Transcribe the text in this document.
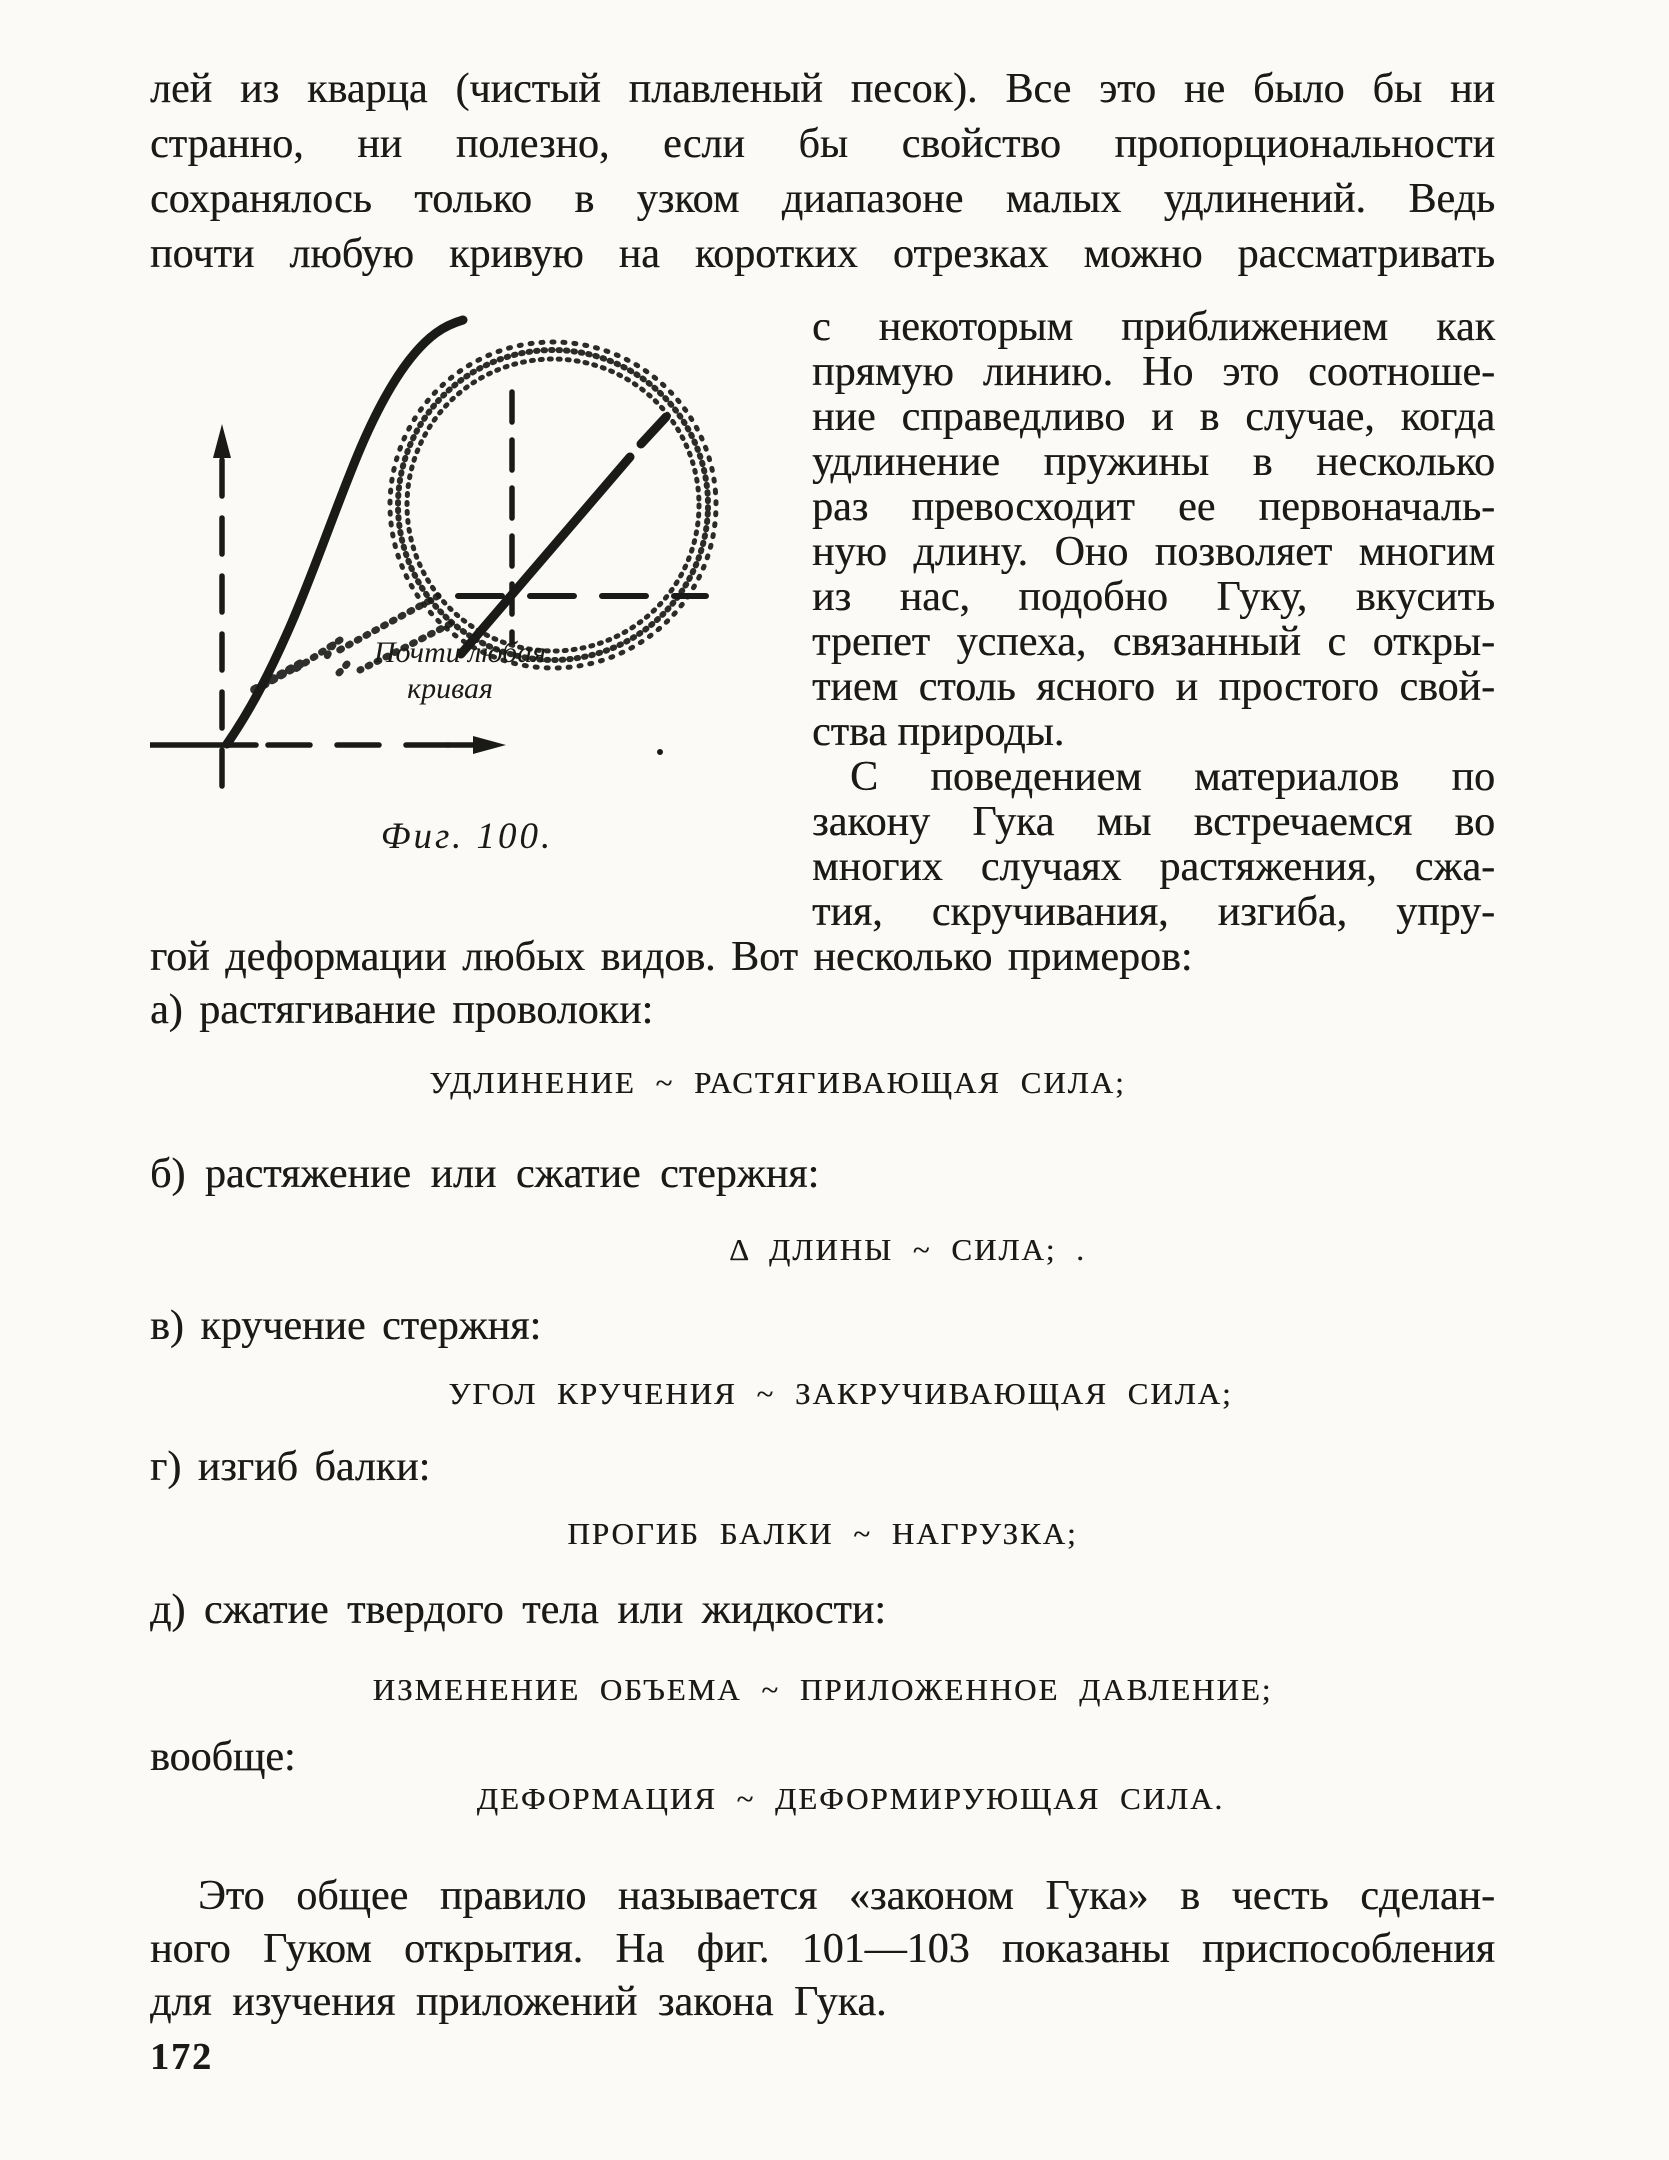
лей из кварца (чистый плавленый песок). Все это не было бы ни
странно, ни полезно, если бы свойство пропорциональности
сохранялось только в узком диапазоне малых удлинений. Ведь
почти любую кривую на коротких отрезках можно рассматривать
с некоторым приближением как
прямую линию. Но это соотноше-
ние справедливо и в случае, когда
удлинение пружины в несколько
раз превосходит ее первоначаль-
ную длину. Оно позволяет многим
из нас, подобно Гуку, вкусить
трепет успеха, связанный с откры-
тием столь ясного и простого свой-
ства природы.
С поведением материалов по
закону Гука мы встречаемся во
многих случаях растяжения, сжа-
тия, скручивания, изгиба, упру-
Почти любая
кривая
Фиг. 100.
гой деформации любых видов. Вот несколько примеров:
а) растягивание проволоки:
УДЛИНЕНИЕ ~ РАСТЯГИВАЮЩАЯ СИЛА;
б) растяжение или сжатие стержня:
Δ ДЛИНЫ ~ СИЛА; .
в) кручение стержня:
УГОЛ КРУЧЕНИЯ ~ ЗАКРУЧИВАЮЩАЯ СИЛА;
г) изгиб балки:
ПРОГИБ БАЛКИ ~ НАГРУЗКА;
д) сжатие твердого тела или жидкости:
ИЗМЕНЕНИЕ ОБЪЕМА ~ ПРИЛОЖЕННОЕ ДАВЛЕНИЕ;
вообще:
ДЕФОРМАЦИЯ ~ ДЕФОРМИРУЮЩАЯ СИЛА.
Это общее правило называется «законом Гука» в честь сделан-
ного Гуком открытия. На фиг. 101—103 показаны приспособления
для изучения приложений закона Гука.
172
